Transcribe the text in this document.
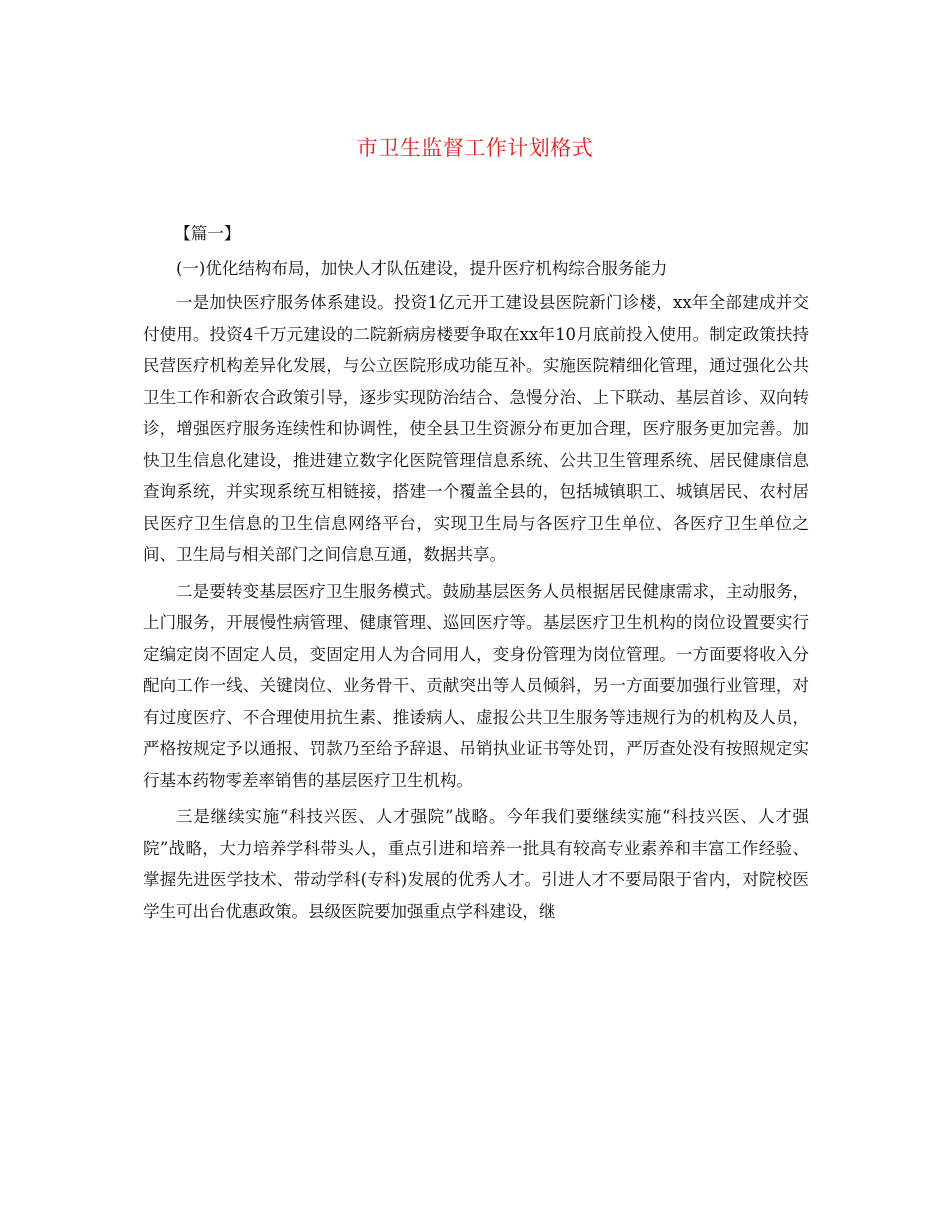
市卫生监督工作计划格式

【篇一】

(一)优化结构布局，加快人才队伍建设，提升医疗机构综合服务能力

一是加快医疗服务体系建设。投资1亿元开工建设县医院新门诊楼，xx年全部建成并交付使用。投资4千万元建设的二院新病房楼要争取在xx年10月底前投入使用。制定政策扶持民营医疗机构差异化发展，与公立医院形成功能互补。实施医院精细化管理，通过强化公共卫生工作和新农合政策引导，逐步实现防治结合、急慢分治、上下联动、基层首诊、双向转诊，增强医疗服务连续性和协调性，使全县卫生资源分布更加合理，医疗服务更加完善。加快卫生信息化建设，推进建立数字化医院管理信息系统、公共卫生管理系统、居民健康信息查询系统，并实现系统互相链接，搭建一个覆盖全县的，包括城镇职工、城镇居民、农村居民医疗卫生信息的卫生信息网络平台，实现卫生局与各医疗卫生单位、各医疗卫生单位之间、卫生局与相关部门之间信息互通，数据共享。

二是要转变基层医疗卫生服务模式。鼓励基层医务人员根据居民健康需求，主动服务，上门服务，开展慢性病管理、健康管理、巡回医疗等。基层医疗卫生机构的岗位设置要实行定编定岗不固定人员，变固定用人为合同用人，变身份管理为岗位管理。一方面要将收入分配向工作一线、关键岗位、业务骨干、贡献突出等人员倾斜，另一方面要加强行业管理，对有过度医疗、不合理使用抗生素、推诿病人、虚报公共卫生服务等违规行为的机构及人员，严格按规定予以通报、罚款乃至给予辞退、吊销执业证书等处罚，严厉查处没有按照规定实行基本药物零差率销售的基层医疗卫生机构。

三是继续实施“科技兴医、人才强院”战略。今年我们要继续实施“科技兴医、人才强院”战略，大力培养学科带头人，重点引进和培养一批具有较高专业素养和丰富工作经验、掌握先进医学技术、带动学科(专科)发展的优秀人才。引进人才不要局限于省内，对院校医学生可出台优惠政策。县级医院要加强重点学科建设，继
